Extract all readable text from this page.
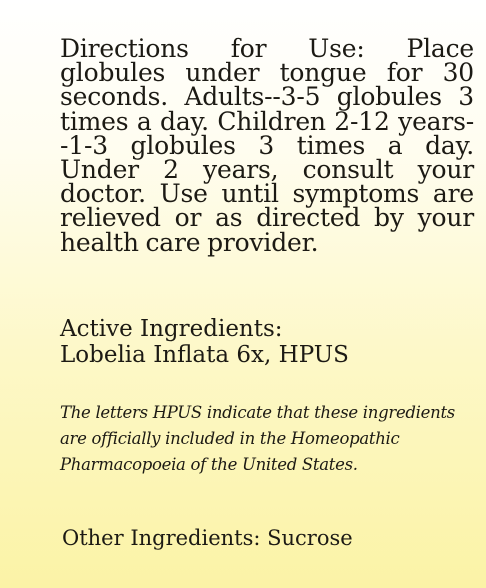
Directions for Use: Place globules under tongue for 30 seconds. Adults--3-5 globules 3 times a day. Children 2-12 years--1-3 globules 3 times a day. Under 2 years, consult your doctor. Use until symptoms are relieved or as directed by your health care provider.

Active Ingredients:
Lobelia Inflata 6x, HPUS

The letters HPUS indicate that these ingredients are officially included in the Homeopathic Pharmacopoeia of the United States.

Other Ingredients: Sucrose
